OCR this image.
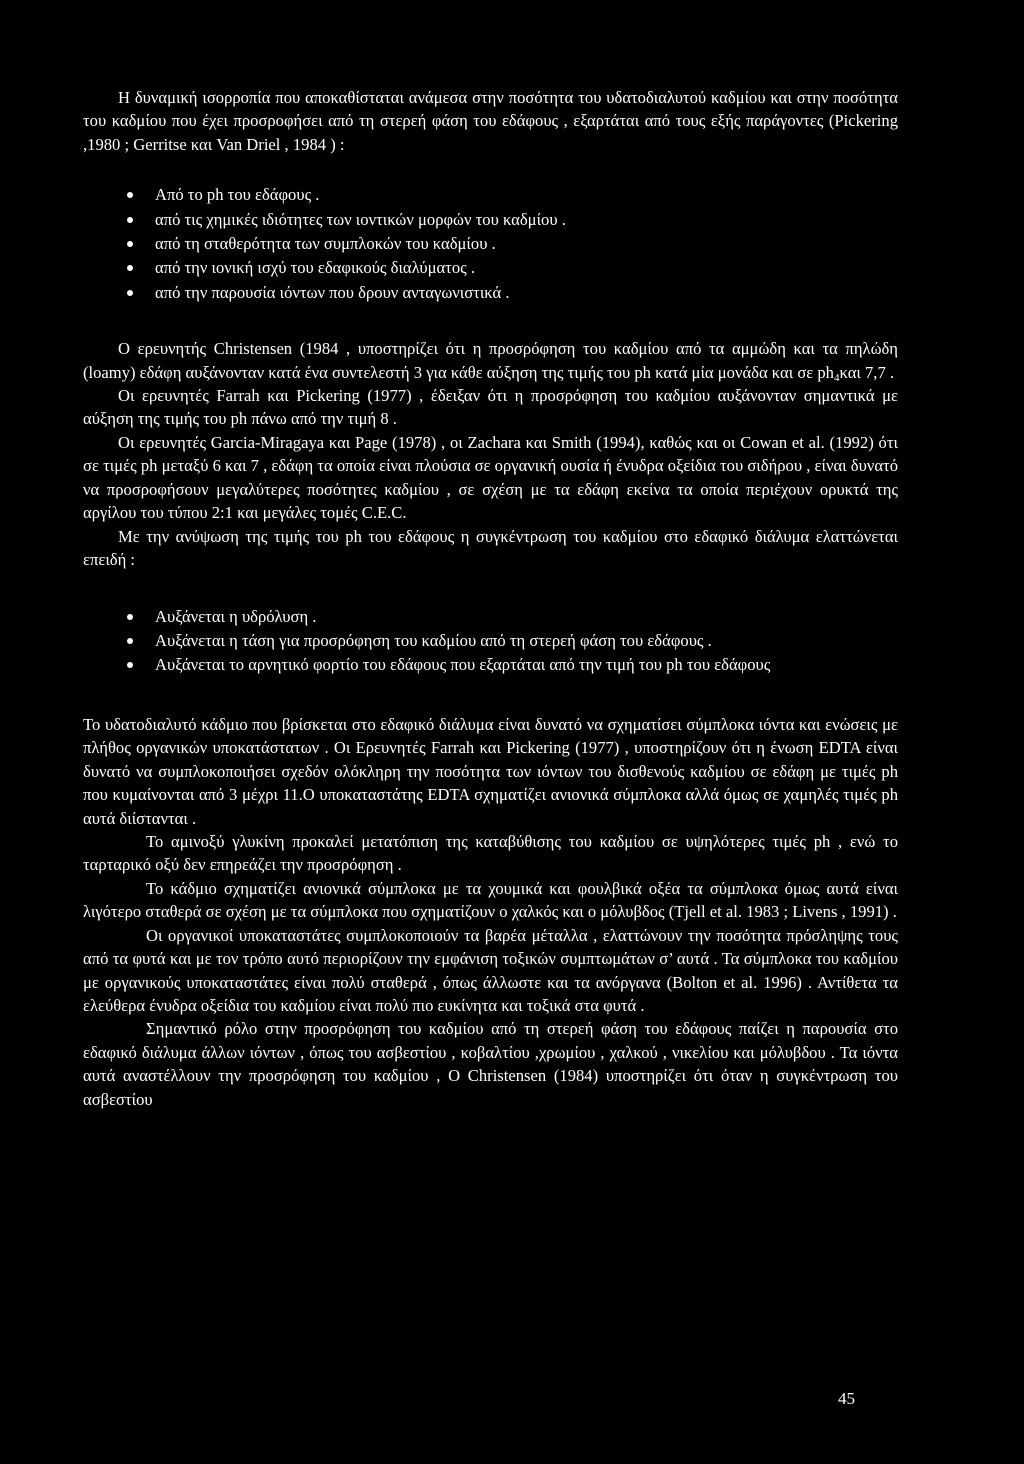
Η δυναμική ισορροπία που αποκαθίσταται ανάμεσα στην ποσότητα του υδατοδιαλυτού καδμίου και στην ποσότητα του καδμίου που έχει προσροφήσει από τη στερεή φάση του εδάφους , εξαρτάται από τους εξής παράγοντες (Pickering ,1980 ; Gerritse και Van Driel , 1984 ) :

Από το ph του εδάφους .
από τις χημικές ιδιότητες των ιοντικών μορφών του καδμίου .
από τη σταθερότητα των συμπλοκών του καδμίου .
από την ιονική ισχύ του εδαφικούς διαλύματος .
από την παρουσία ιόντων που δρουν ανταγωνιστικά .

Ο ερευνητής Christensen (1984 , υποστηρίζει ότι η προσρόφηση του καδμίου από τα αμμώδη και τα πηλώδη (loamy) εδάφη αυξάνονταν κατά ένα συντελεστή 3 για κάθε αύξηση της τιμής του ph κατά μία μονάδα και σε $ph_4\kappa\alpha\iota$ 7,7 .

Οι ερευνητές Farrah και Pickering (1977) , έδειξαν ότι η προσρόφηση του καδμίου αυξάνονταν σημαντικά με αύξηση της τιμής του ph πάνω από την τιμή 8 .

Οι ερευνητές Garcia-Miragaya και Page (1978) , οι Zachara και Smith (1994), καθώς και οι Cowan et al. (1992) ότι σε τιμές ph μεταξύ 6 και 7 , εδάφη τα οποία είναι πλούσια σε οργανική ουσία ή ένυδρα οξείδια του σιδήρου , είναι δυνατό να προσροφήσουν μεγαλύτερες ποσότητες καδμίου , σε σχέση με τα εδάφη εκείνα τα οποία περιέχουν ορυκτά της αργίλου του τύπου 2:1 και μεγάλες τομές C.E.C.

Με την ανύψωση της τιμής του ph του εδάφους η συγκέντρωση του καδμίου στο εδαφικό διάλυμα ελαττώνεται επειδή :

Αυξάνεται η υδρόλυση .
Αυξάνεται η τάση για προσρόφηση του καδμίου από τη στερεή φάση του εδάφους .
Αυξάνεται το αρνητικό φορτίο του εδάφους που εξαρτάται από την τιμή του ph του εδάφους

Το υδατοδιαλυτό κάδμιο που βρίσκεται στο εδαφικό διάλυμα είναι δυνατό να σχηματίσει σύμπλοκα ιόντα και ενώσεις με πλήθος οργανικών υποκατάστατων . Οι Ερευνητές Farrah και Pickering (1977) , υποστηρίζουν ότι η ένωση EDTA είναι δυνατό να συμπλοκοποιήσει σχεδόν ολόκληρη την ποσότητα των ιόντων του δισθενούς καδμίου σε εδάφη με τιμές ph που κυμαίνονται από 3 μέχρι 11.Ο υποκαταστάτης EDTA σχηματίζει ανιονικά σύμπλοκα αλλά όμως σε χαμηλές τιμές ph αυτά διίστανται .

Το αμινοξύ γλυκίνη προκαλεί μετατόπιση της καταβύθισης του καδμίου σε υψηλότερες τιμές ph , ενώ το ταρταρικό οξύ δεν επηρεάζει την προσρόφηση .

Το κάδμιο σχηματίζει ανιονικά σύμπλοκα με τα χουμικά και φουλβικά οξέα τα σύμπλοκα όμως αυτά είναι λιγότερο σταθερά σε σχέση με τα σύμπλοκα που σχηματίζουν ο χαλκός και ο μόλυβδος (Tjell et al. 1983 ; Livens , 1991) .

Οι οργανικοί υποκαταστάτες συμπλοκοποιούν τα βαρέα μέταλλα , ελαττώνουν την ποσότητα πρόσληψης τους από τα φυτά και με τον τρόπο αυτό περιορίζουν την εμφάνιση τοξικών συμπτωμάτων σ’ αυτά . Τα σύμπλοκα του καδμίου με οργανικούς υποκαταστάτες είναι πολύ σταθερά , όπως άλλωστε και τα ανόργανα (Bolton et al. 1996) . Αντίθετα τα ελεύθερα ένυδρα οξείδια του καδμίου είναι πολύ πιο ευκίνητα και τοξικά στα φυτά .

Σημαντικό ρόλο στην προσρόφηση του καδμίου από τη στερεή φάση του εδάφους παίζει η παρουσία στο εδαφικό διάλυμα άλλων ιόντων , όπως του ασβεστίου , κοβαλτίου ,χρωμίου , χαλκού , νικελίου και μόλυβδου . Τα ιόντα αυτά αναστέλλουν την προσρόφηση του καδμίου , Ο Christensen (1984) υποστηρίζει ότι όταν η συγκέντρωση του ασβεστίου

45
